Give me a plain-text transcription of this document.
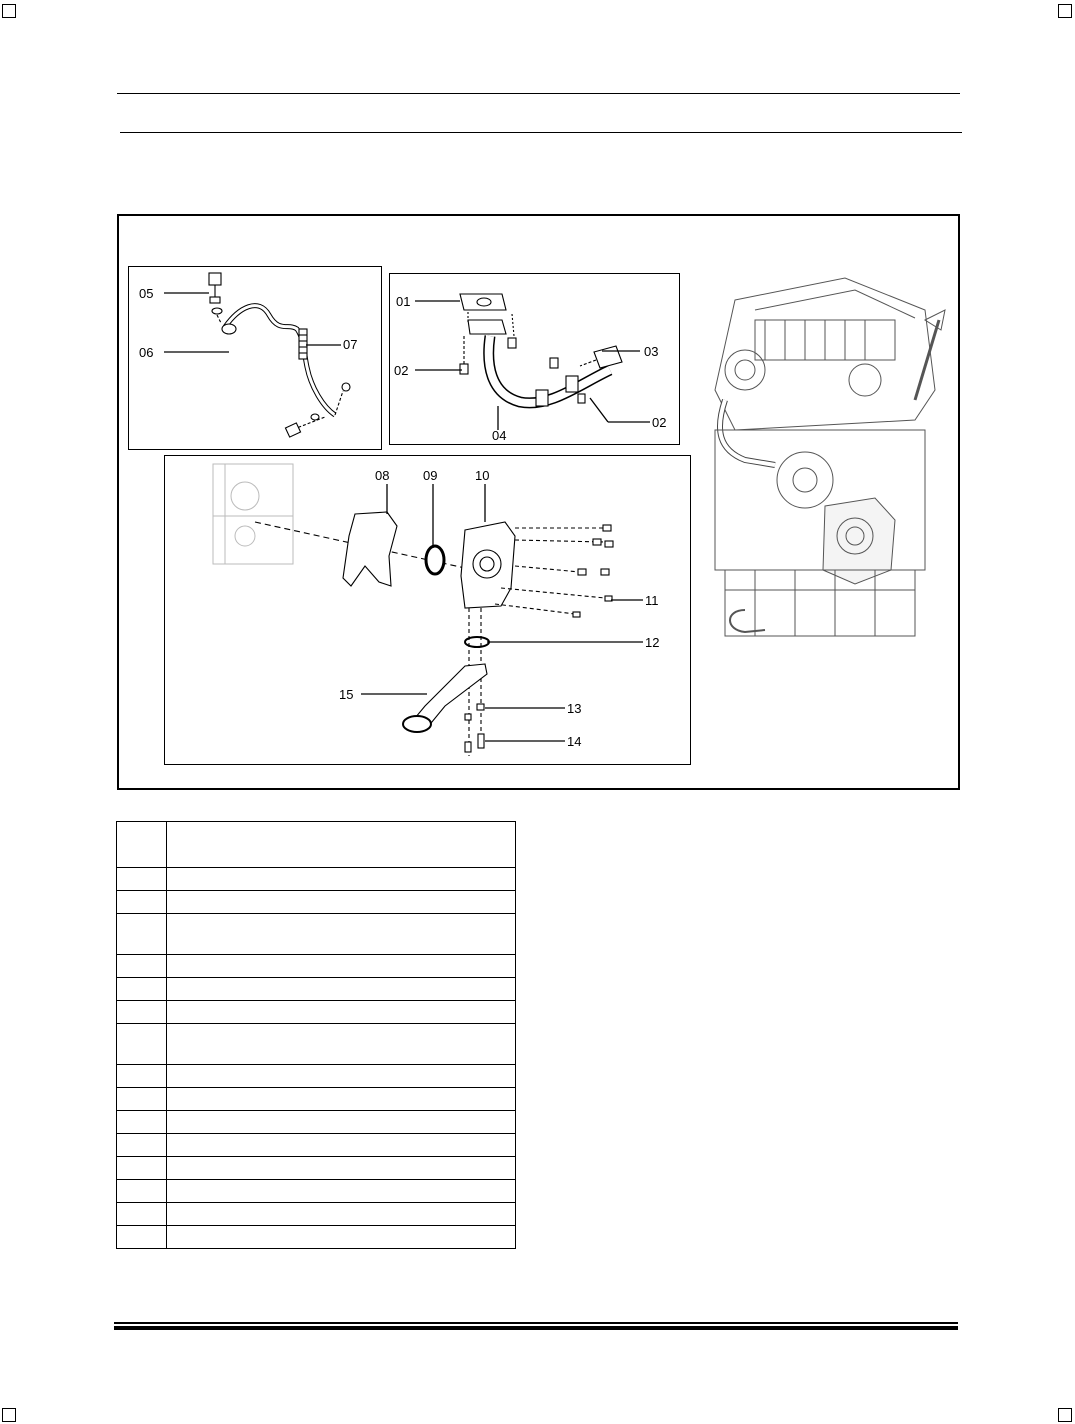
05
06
07
01
02
03
02
04
08	09	10
11
12
15
13
14
